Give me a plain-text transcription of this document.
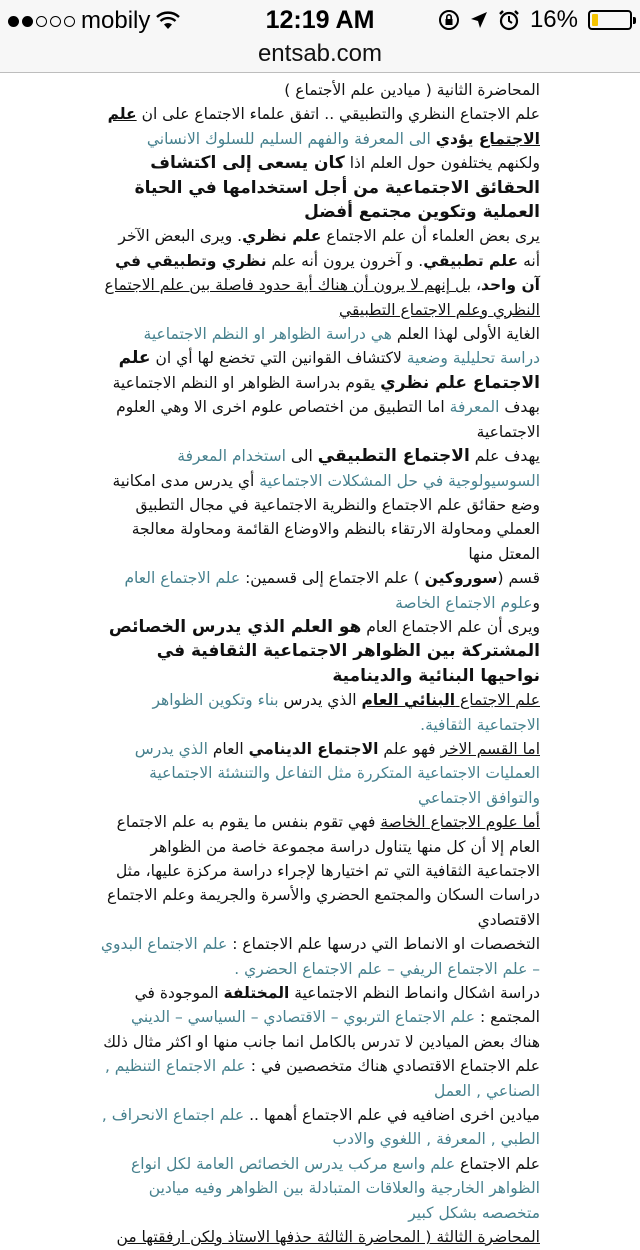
mobily	12:19 AM	16%
entsab.com
المحاضرة الثانية ( ميادين علم الأجتماع )
علم الاجتماع النظري والتطبيقي .. اتفق علماء الاجتماع على ان علم الاجتماع يؤدي الى المعرفة والفهم السليم للسلوك الانساني ولكنهم يختلفون حول العلم اذا كان يسعى إلى اكتشاف الحقائق الاجتماعية من أجل استخدامها في الحياة العملية وتكوين مجتمع أفضل
يرى بعض العلماء أن علم الاجتماع علم نظري. ويرى البعض الآخر أنه علم تطبيقي. و آخرون يرون أنه علم نظري وتطبيقي في آن واحد، بل إنهم لا يرون أن هناك أية حدود فاصلة بين علم الاجتماع النظري وعلم الاجتماع التطبيقي
الغاية الأولى لهذا العلم هي دراسة الظواهر او النظم الاجتماعية دراسة تحليلية وضعية لاكتشاف القوانين التي تخضع لها أي ان علم الاجتماع علم نظري يقوم بدراسة الظواهر او النظم الاجتماعية بهدف المعرفة اما التطبيق من اختصاص علوم اخرى الا وهي العلوم الاجتماعية
يهدف علم الاجتماع التطبيقي الى استخدام المعرفة السوسيولوجية في حل المشكلات الاجتماعية أي يدرس مدى امكانية وضع حقائق علم الاجتماع والنظرية الاجتماعية في مجال التطبيق العملي ومحاولة الارتقاء بالنظم والاوضاع القائمة ومحاولة معالجة المعتل منها
قسم (سوروكين ) علم الاجتماع إلى قسمين: علم الاجتماع العام وعلوم الاجتماع الخاصة
ويرى أن علم الاجتماع العام هو العلم الذي يدرس الخصائص المشتركة بين الظواهر الاجتماعية الثقافية في نواحيها البنائية والدينامية
علم الاجتماع البنائي العام الذي يدرس بناء وتكوين الظواهر الاجتماعية الثقافية.
اما القسم الاخر فهو علم الاجتماع الدينامي العام الذي يدرس العمليات الاجتماعية المتكررة مثل التفاعل والتنشئة الاجتماعية والتوافق الاجتماعي
أما علوم الاجتماع الخاصة فهي تقوم بنفس ما يقوم به علم الاجتماع العام إلا أن كل منها يتناول دراسة مجموعة خاصة من الظواهر الاجتماعية الثقافية التي تم اختيارها لإجراء دراسة مركزة عليها، مثل دراسات السكان والمجتمع الحضري والأسرة والجريمة وعلم الاجتماع الاقتصادي
التخصصات او الانماط التي درسها علم الاجتماع : علم الاجتماع البدوي – علم الاجتماع الريفي – علم الاجتماع الحضري .
دراسة اشكال وانماط النظم الاجتماعية المختلفة الموجودة في المجتمع : علم الاجتماع التربوي – الاقتصادي – السياسي – الديني
هناك بعض الميادين لا تدرس بالكامل انما جانب منها او اكثر مثال ذلك علم الاجتماع الاقتصادي هناك متخصصين في : علم الاجتماع التنظيم , الصناعي , العمل
ميادين اخرى اضافيه في علم الاجتماع أهمها .. علم اجتماع الانحراف , الطبي , المعرفة , اللغوي والادب
علم الاجتماع علم واسع مركب يدرس الخصائص العامة لكل انواع الظواهر الخارجية والعلاقات المتبادلة بين الظواهر وفيه ميادين متخصصه بشكل كبير
المحاضرة الثالثة ( المحاضرة الثالثة حذفها الاستاذ ولكن ارفقتها من
